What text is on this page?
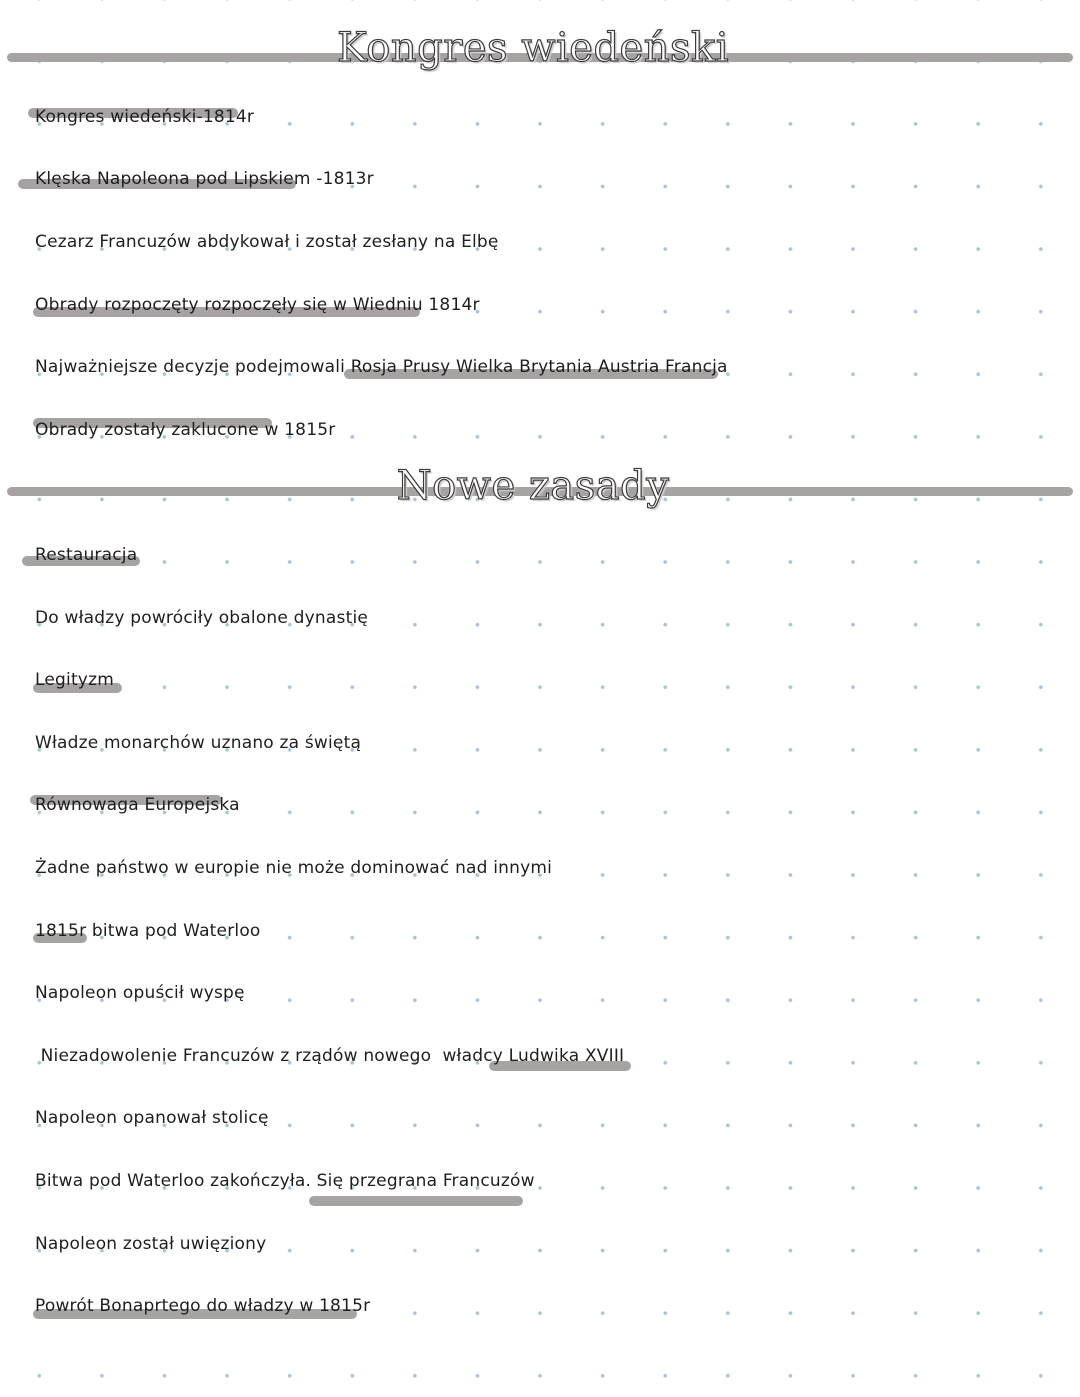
Kongres wiedeński

Kongres wiedeński-1814r

Klęska Napoleona pod Lipskiem -1813r

Cezarz Francuzów abdykował i został zesłany na Elbę

Obrady rozpoczęty rozpoczęły się w Wiedniu 1814r

Najważniejsze decyzje podejmowali Rosja Prusy Wielka Brytania Austria Francja

Obrady zostały zaklucone w 1815r

Nowe zasady

Restauracja

Do władzy powróciły obalone dynastię

Legityzm

Władze monarchów uznano za świętą

Równowaga Europejska

Żadne państwo w europie nie może dominować nad innymi

1815r bitwa pod Waterloo

Napoleon opuścił wyspę

Niezadowolenie Francuzów z rządów nowego  władcy Ludwika XVIII

Napoleon opanował stolicę

Bitwa pod Waterloo zakończyła. Się przegrana Francuzów

Napoleon został uwięziony

Powrót Bonaprtego do władzy w 1815r
